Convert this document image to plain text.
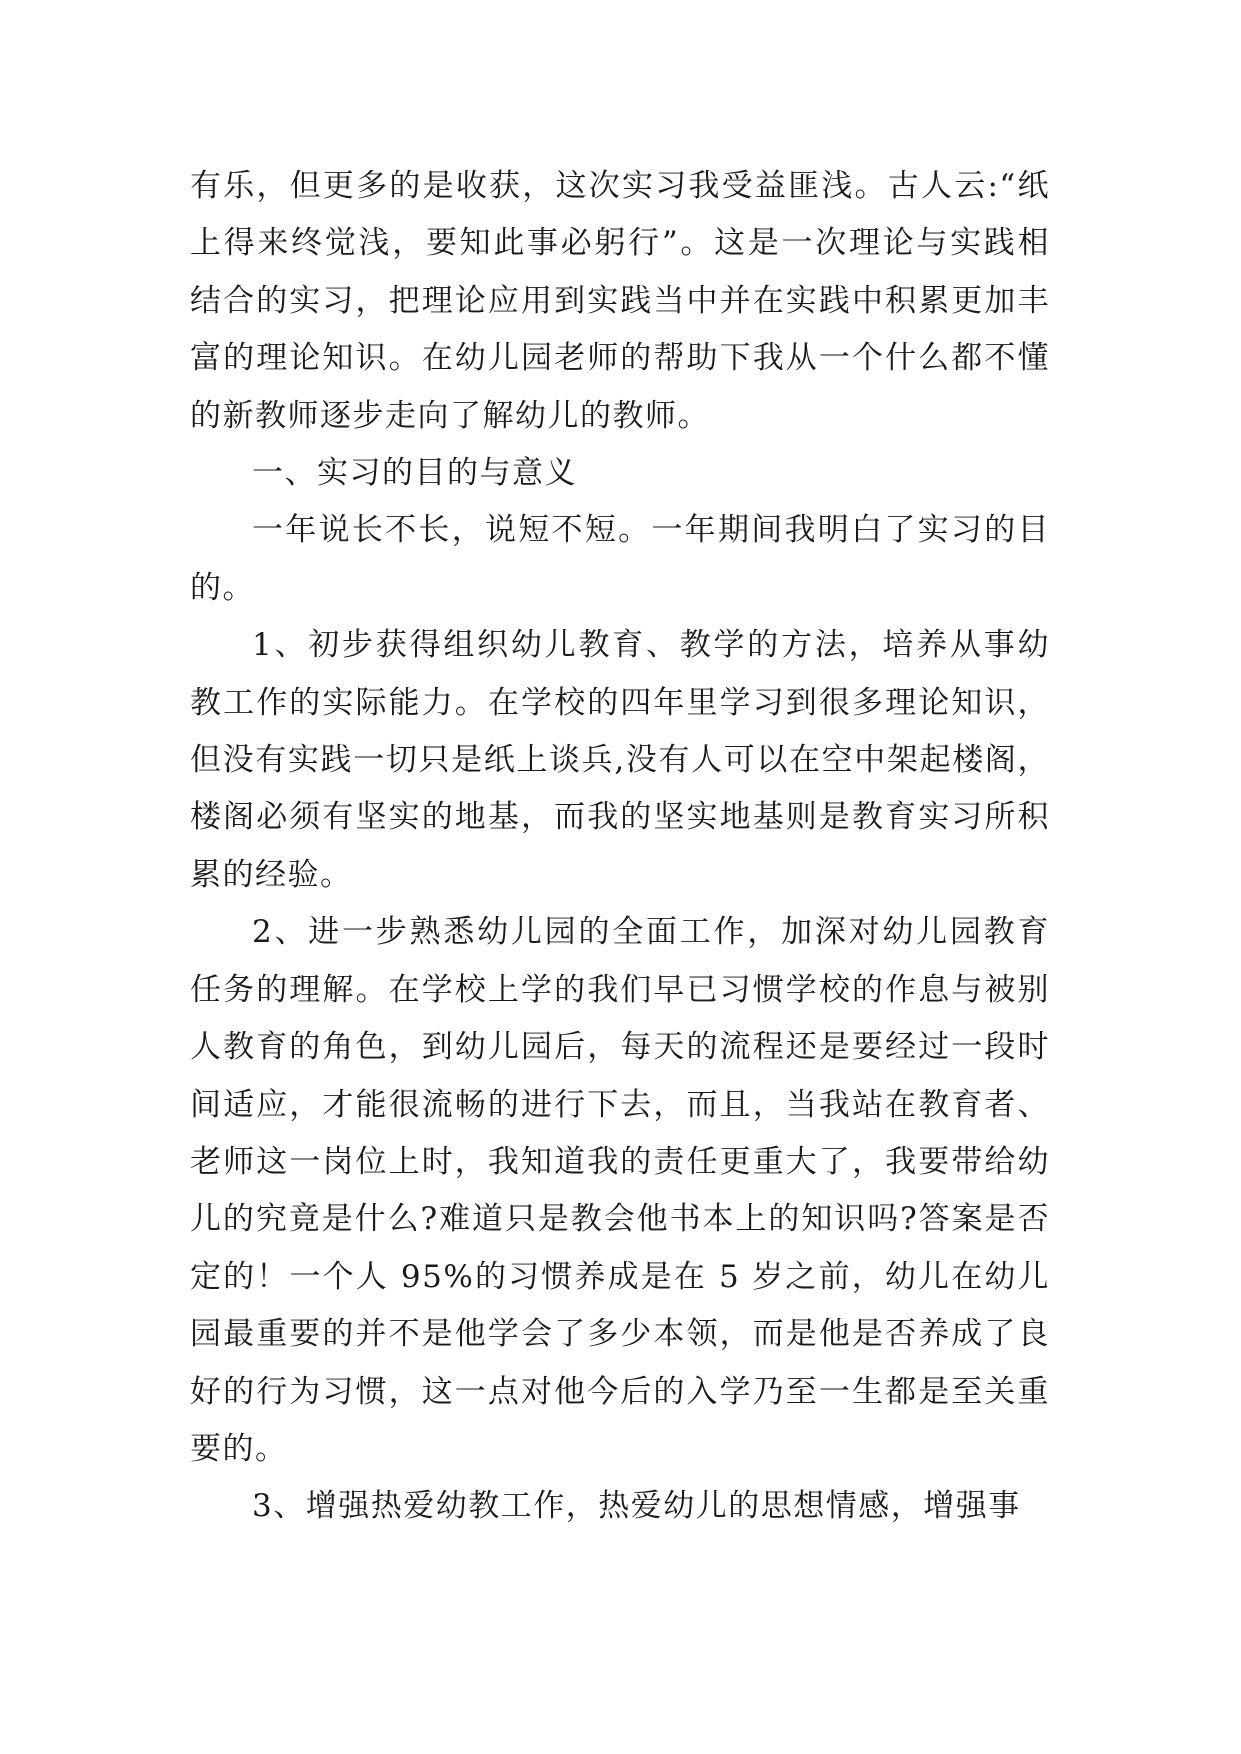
有乐，但更多的是收获，这次实习我受益匪浅。古人云:“纸上得来终觉浅，要知此事必躬行”。这是一次理论与实践相结合的实习，把理论应用到实践当中并在实践中积累更加丰富的理论知识。在幼儿园老师的帮助下我从一个什么都不懂的新教师逐步走向了解幼儿的教师。

一、实习的目的与意义

一年说长不长，说短不短。一年期间我明白了实习的目的。

1、初步获得组织幼儿教育、教学的方法，培养从事幼教工作的实际能力。在学校的四年里学习到很多理论知识，但没有实践一切只是纸上谈兵,没有人可以在空中架起楼阁，楼阁必须有坚实的地基，而我的坚实地基则是教育实习所积累的经验。

2、进一步熟悉幼儿园的全面工作，加深对幼儿园教育任务的理解。在学校上学的我们早已习惯学校的作息与被别人教育的角色，到幼儿园后，每天的流程还是要经过一段时间适应，才能很流畅的进行下去，而且，当我站在教育者、老师这一岗位上时，我知道我的责任更重大了，我要带给幼儿的究竟是什么?难道只是教会他书本上的知识吗?答案是否定的！一个人 95%的习惯养成是在 5 岁之前，幼儿在幼儿园最重要的并不是他学会了多少本领，而是他是否养成了良好的行为习惯，这一点对他今后的入学乃至一生都是至关重要的。

3、增强热爱幼教工作，热爱幼儿的思想情感，增强事
